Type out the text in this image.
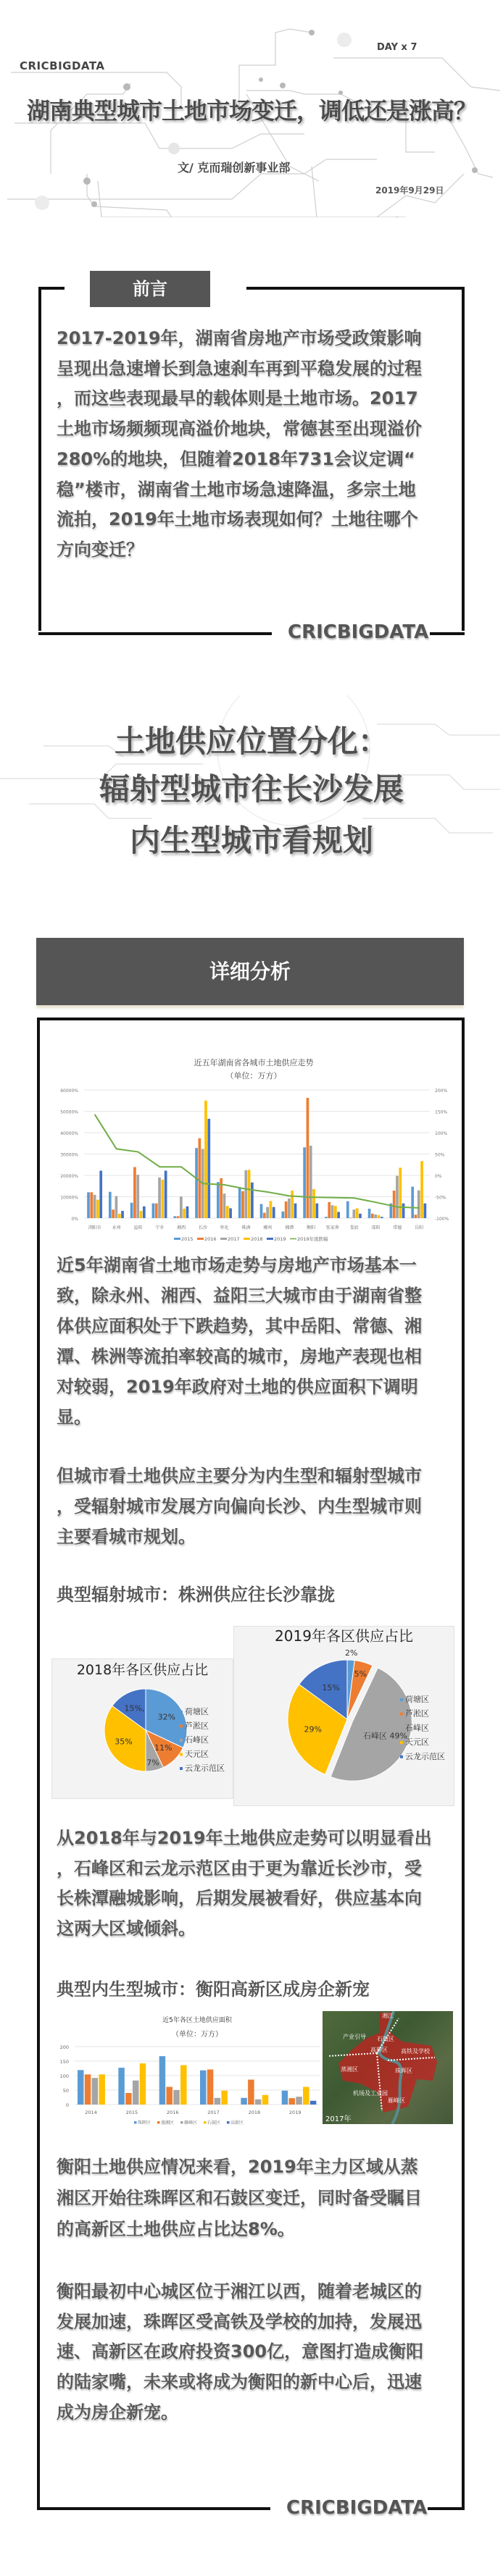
CRICBIGDATA
DAY x 7
湖南典型城市土地市场变迁，调低还是涨高？
文/ 克而瑞创新事业部
2019年9月29日
前言
2017-2019年，湖南省房地产市场受政策影响
呈现出急速增长到急速刹车再到平稳发展的过程
，而这些表现最早的载体则是土地市场。2017
土地市场频频现高溢价地块，常德甚至出现溢价
280%的地块，但随着2018年731会议定调“
稳”楼市，湖南省土地市场急速降温，多宗土地
流拍，2019年土地市场表现如何？土地往哪个
方向变迁？
CRICBIGDATA
土地供应位置分化：
辐射型城市往长沙发展
内生型城市看规划
详细分析
近五年湖南省各城市土地供应走势
（单位：万方）
0%
10000%
20000%
30000%
40000%
50000%
60000%
-100%
-50%
0%
50%
100%
150%
200%
浏阳市 永州	益阳	宁乡	湘西	长沙	怀化	株洲	郴州	湘潭	衡阳 张家界 娄底	邵阳	常德	岳阳
2015 2016 2017 2018 2019 2019年涨跌幅
近5年湖南省土地市场走势与房地产市场基本一
致，除永州、湘西、益阳三大城市由于湖南省整
体供应面积处于下跌趋势，其中岳阳、常德、湘
潭、株洲等流拍率较高的城市，房地产表现也相
对较弱，2019年政府对土地的供应面积下调明
显。
但城市看土地供应主要分为内生型和辐射型城市
，受辐射城市发展方向偏向长沙、内生型城市则
主要看城市规划。
从2018年与2019年土地供应走势可以明显看出
，石峰区和云龙示范区由于更为靠近长沙市，受
长株潭融城影响，后期发展被看好，供应基本向
这两大区域倾斜。
衡阳土地供应情况来看，2019年主力区域从蒸
湘区开始往珠晖区和石鼓区变迁，同时备受瞩目
的高新区土地供应占比达8%。
衡阳最初中心城区位于湘江以西，随着老城区的
发展加速，珠晖区受高铁及学校的加持，发展迅
速、高新区在政府投资300亿，意图打造成衡阳
的陆家嘴，未来或将成为衡阳的新中心后，迅速
成为房企新宠。
典型辐射城市：株洲供应往长沙靠拢
典型内生型城市：衡阳高新区成房企新宠
2018年各区供应占比
32%
11%
7%
35%
15%,	荷塘区
芦淞区
石峰区
天元区
云龙示范区
2019年各区供应占比
2%
5%
石峰区 49%
29%
15%
荷塘区
芦淞区
石峰区
天元区
云龙示范区
近5年各区土地供应面积
（单位：万方）
0
50
100
150
200
2014	2015	2016	2017	2018	2019
珠晖区 蒸湘区 雁峰区 石鼓区 高新区
湘江
产业引导 石鼓区
高新区 高铁及学校
蒸湘区	珠晖区
机场及工业园
雁峰区
2017年
CRICBIGDATA
